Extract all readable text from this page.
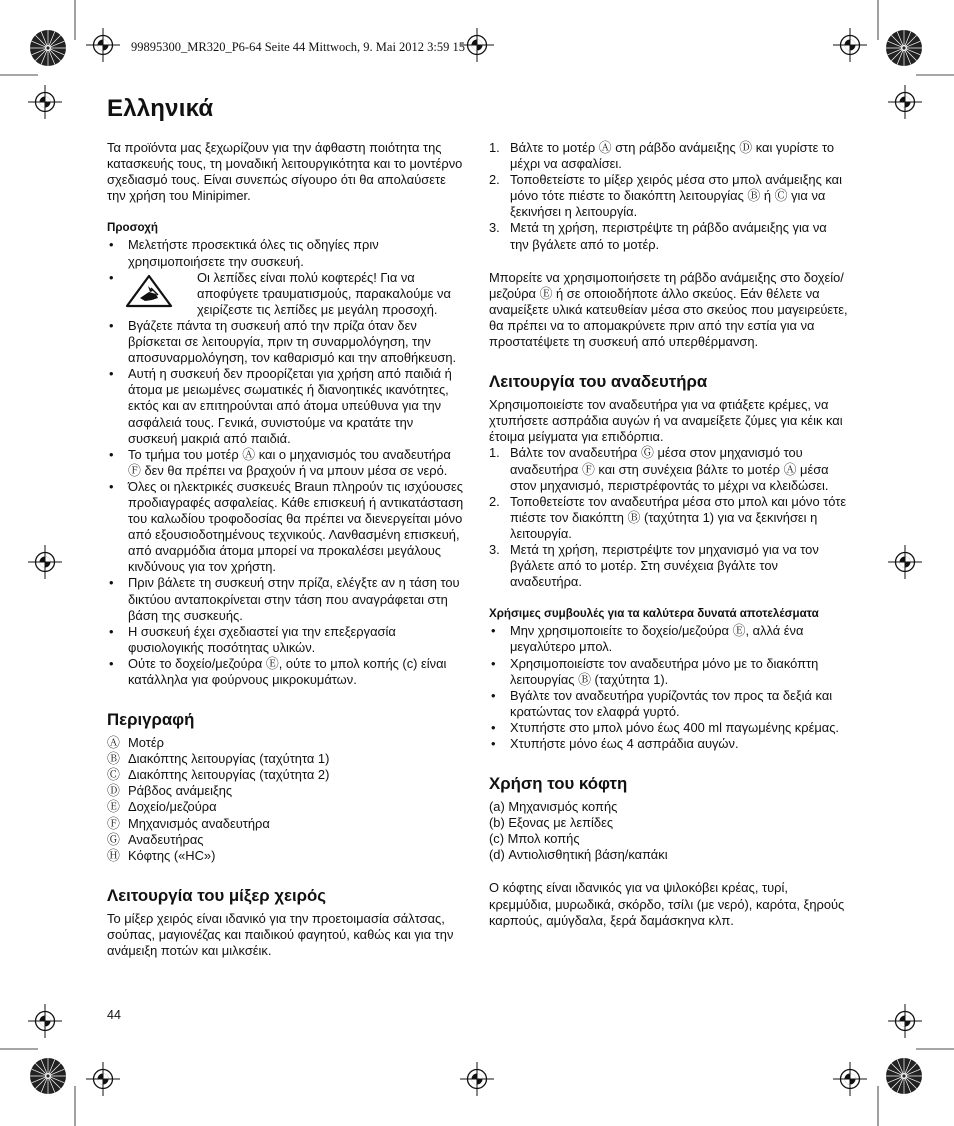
99895300_MR320_P6-64 Seite 44 Mittwoch, 9. Mai 2012 3:59 15
Ελληνικά

Τα προϊόντα μας ξεχωρίζουν για την άφθαστη ποιότητα της κατασκευής τους, τη μοναδική λειτουργικότητα και το μοντέρνο σχεδιασμό τους. Είναι συνεπώς σίγουρο ότι θα απολαύσετε την χρήση του Minipimer.

Προσοχή
• Μελετήστε προσεκτικά όλες τις οδηγίες πριν χρησιμοποιήσετε την συσκευή.
• Οι λεπίδες είναι πολύ κοφτερές! Για να αποφύγετε τραυματισμούς, παρακαλούμε να χειρίζεστε τις λεπίδες με μεγάλη προσοχή.
• Βγάζετε πάντα τη συσκευή από την πρίζα όταν δεν βρίσκεται σε λειτουργία, πριν τη συναρμολόγηση, την αποσυναρμολόγηση, τον καθαρισμό και την αποθήκευση.
• Αυτή η συσκευή δεν προορίζεται για χρήση από παιδιά ή άτομα με μειωμένες σωματικές ή διανοητικές ικανότητες, εκτός και αν επιτηρούνται από άτομα υπεύθυνα για την ασφάλειά τους. Γενικά, συνιστούμε να κρατάτε την συσκευή μακριά από παιδιά.
• Το τμήμα του μοτέρ Ⓐ και ο μηχανισμός του αναδευτήρα Ⓕ δεν θα πρέπει να βραχούν ή να μπουν μέσα σε νερό.
• Όλες οι ηλεκτρικές συσκευές Braun πληρούν τις ισχύουσες προδιαγραφές ασφαλείας. Κάθε επισκευή ή αντικατάσταση του καλωδίου τροφοδοσίας θα πρέπει να διενεργείται μόνο από εξουσιοδοτημένους τεχνικούς. Λανθασμένη επισκευή, από αναρμόδια άτομα μπορεί να προκαλέσει μεγάλους κινδύνους για τον χρήστη.
• Πριν βάλετε τη συσκευή στην πρίζα, ελέγξτε αν η τάση του δικτύου ανταποκρίνεται στην τάση που αναγράφεται στη βάση της συσκευής.
• Η συσκευή έχει σχεδιαστεί για την επεξεργασία φυσιολογικής ποσότητας υλικών.
• Ούτε το δοχείο/μεζούρα Ⓔ, ούτε το μπολ κοπής (c) είναι κατάλληλα για φούρνους μικροκυμάτων.
Περιγραφή
Ⓐ Μοτέρ
Ⓑ Διακόπτης λειτουργίας (ταχύτητα 1)
Ⓒ Διακόπτης λειτουργίας (ταχύτητα 2)
Ⓓ Ράβδος ανάμειξης
Ⓔ Δοχείο/μεζούρα
Ⓕ Μηχανισμός αναδευτήρα
Ⓖ Αναδευτήρας
Ⓗ Κόφτης («HC»)
Λειτουργία του μίξερ χειρός

Το μίξερ χειρός είναι ιδανικό για την προετοιμασία σάλτσας, σούπας, μαγιονέζας και παιδικού φαγητού, καθώς και για την ανάμειξη ποτών και μιλκσέικ.

1. Βάλτε το μοτέρ Ⓐ στη ράβδο ανάμειξης Ⓓ και γυρίστε το μέχρι να ασφαλίσει.
2. Τοποθετείστε το μίξερ χειρός μέσα στο μπολ ανάμειξης και μόνο τότε πιέστε το διακόπτη λειτουργίας Ⓑ ή Ⓒ για να ξεκινήσει η λειτουργία.
3. Μετά τη χρήση, περιστρέψτε τη ράβδο ανάμειξης για να την βγάλετε από το μοτέρ.

Μπορείτε να χρησιμοποιήσετε τη ράβδο ανάμειξης στο δοχείο/μεζούρα Ⓔ ή σε οποιοδήποτε άλλο σκεύος. Εάν θέλετε να αναμείξετε υλικά κατευθείαν μέσα στο σκεύος που μαγειρεύετε, θα πρέπει να το απομακρύνετε πριν από την εστία για να προστατέψετε τη συσκευή από υπερθέρμανση.

Λειτουργία του αναδευτήρα

Χρησιμοποιείστε τον αναδευτήρα για να φτιάξετε κρέμες, να χτυπήσετε ασπράδια αυγών ή να αναμείξετε ζύμες για κέικ και έτοιμα μείγματα για επιδόρπια.

1. Βάλτε τον αναδευτήρα Ⓖ μέσα στον μηχανισμό του αναδευτήρα Ⓕ και στη συνέχεια βάλτε το μοτέρ Ⓐ μέσα στον μηχανισμό, περιστρέφοντάς το μέχρι να κλειδώσει.
2. Τοποθετείστε τον αναδευτήρα μέσα στο μπολ και μόνο τότε πιέστε τον διακόπτη Ⓑ (ταχύτητα 1) για να ξεκινήσει η λειτουργία.
3. Μετά τη χρήση, περιστρέψτε τον μηχανισμό για να τον βγάλετε από το μοτέρ. Στη συνέχεια βγάλτε τον αναδευτήρα.
Χρήσιμες συμβουλές για τα καλύτερα δυνατά αποτελέσματα
• Μην χρησιμοποιείτε το δοχείο/μεζούρα Ⓔ, αλλά ένα μεγαλύτερο μπολ.
• Χρησιμοποιείστε τον αναδευτήρα μόνο με το διακόπτη λειτουργίας Ⓑ (ταχύτητα 1).
• Βγάλτε τον αναδευτήρα γυρίζοντάς τον προς τα δεξιά και κρατώντας τον ελαφρά γυρτό.
• Χτυπήστε στο μπολ μόνο έως 400 ml παγωμένης κρέμας.
• Χτυπήστε μόνο έως 4 ασπράδια αυγών.
Χρήση του κόφτη

(a) Μηχανισμός κοπής

(b) Εξονας με λεπίδες

(c) Μπολ κοπής

(d) Αντιολισθητική βάση/καπάκι

Ο κόφτης είναι ιδανικός για να ψιλοκόβει κρέας, τυρί, κρεμμύδια, μυρωδικά, σκόρδο, τσίλι (με νερό), καρότα, ξηρούς καρπούς, αμύγδαλα, ξερά δαμάσκηνα κλπ.

44
